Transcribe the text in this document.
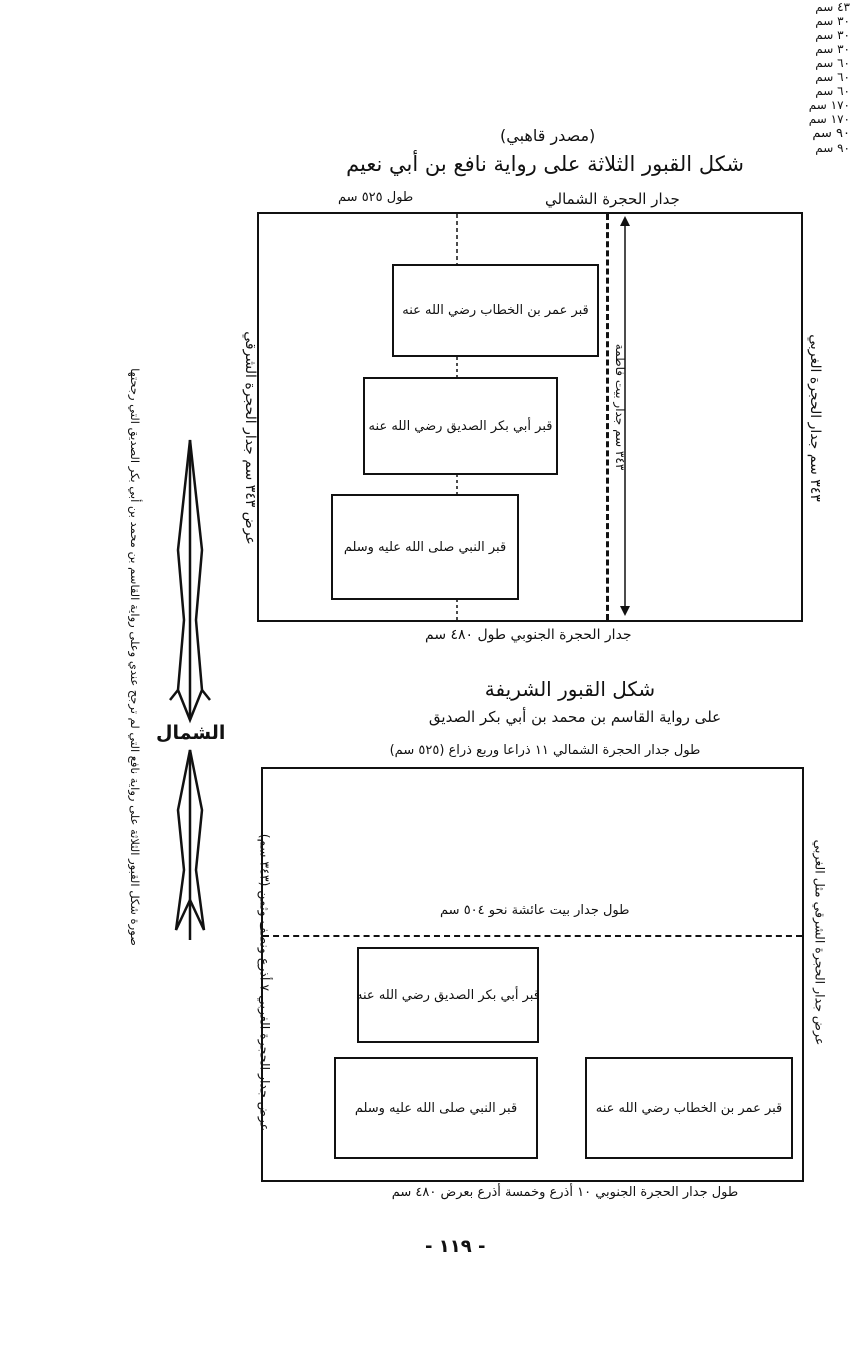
صورة شكل القبور الثلاثة على رواية نافع التي لم ترجح عندي وعلى رواية القاسم بن محمد بن أبي بكر الصديق التي رجحتها الشمال
(مصدر قاهبي)
شكل القبور الثلاثة على رواية نافع بن أبي نعيم
طول ٥٢٥ سم	جدار الحجرة الشمالي
٣٤٣ سم جدار بيت فاطمة
٤٣ سم
قبر عمر بن الخطاب رضي الله عنه
٣٠ سم
قبر أبي بكر الصديق رضي الله عنه
٣٠ سم
قبر النبي صلى الله عليه وسلم
٣٠ سم
٦٠ سم
٦٠ سم
٦٠ سم
عرض ٣٤٣ سم جدار الحجرة الشرقي
٣٤٣ سم جدار الحجرة الغربي
جدار الحجرة الجنوبي طول ٤٨٠ سم
شكل القبور الشريفة
على رواية القاسم بن محمد بن أبي بكر الصديق
طول جدار الحجرة الشمالي ١١ ذراعا وربع ذراع (٥٢٥ سم)
طول جدار بيت عائشة نحو ٥٠٤ سم
قبر أبي بكر الصديق رضي الله عنه
قبر النبي صلى الله عليه وسلم	قبر عمر بن الخطاب رضي الله عنه
١٧٠ سم
١٧٠ سم
٩٠ سم
٩٠ سم
عرض جدار الحجرة الغربي ٧ أذرع ونصف وثمن (٣٤٣ سم)
عرض جدار الحجرة الشرقي مثل الغربي
طول جدار الحجرة الجنوبي ١٠ أذرع وخمسة أذرع بعرض ٤٨٠ سم
- ١١٩ -
